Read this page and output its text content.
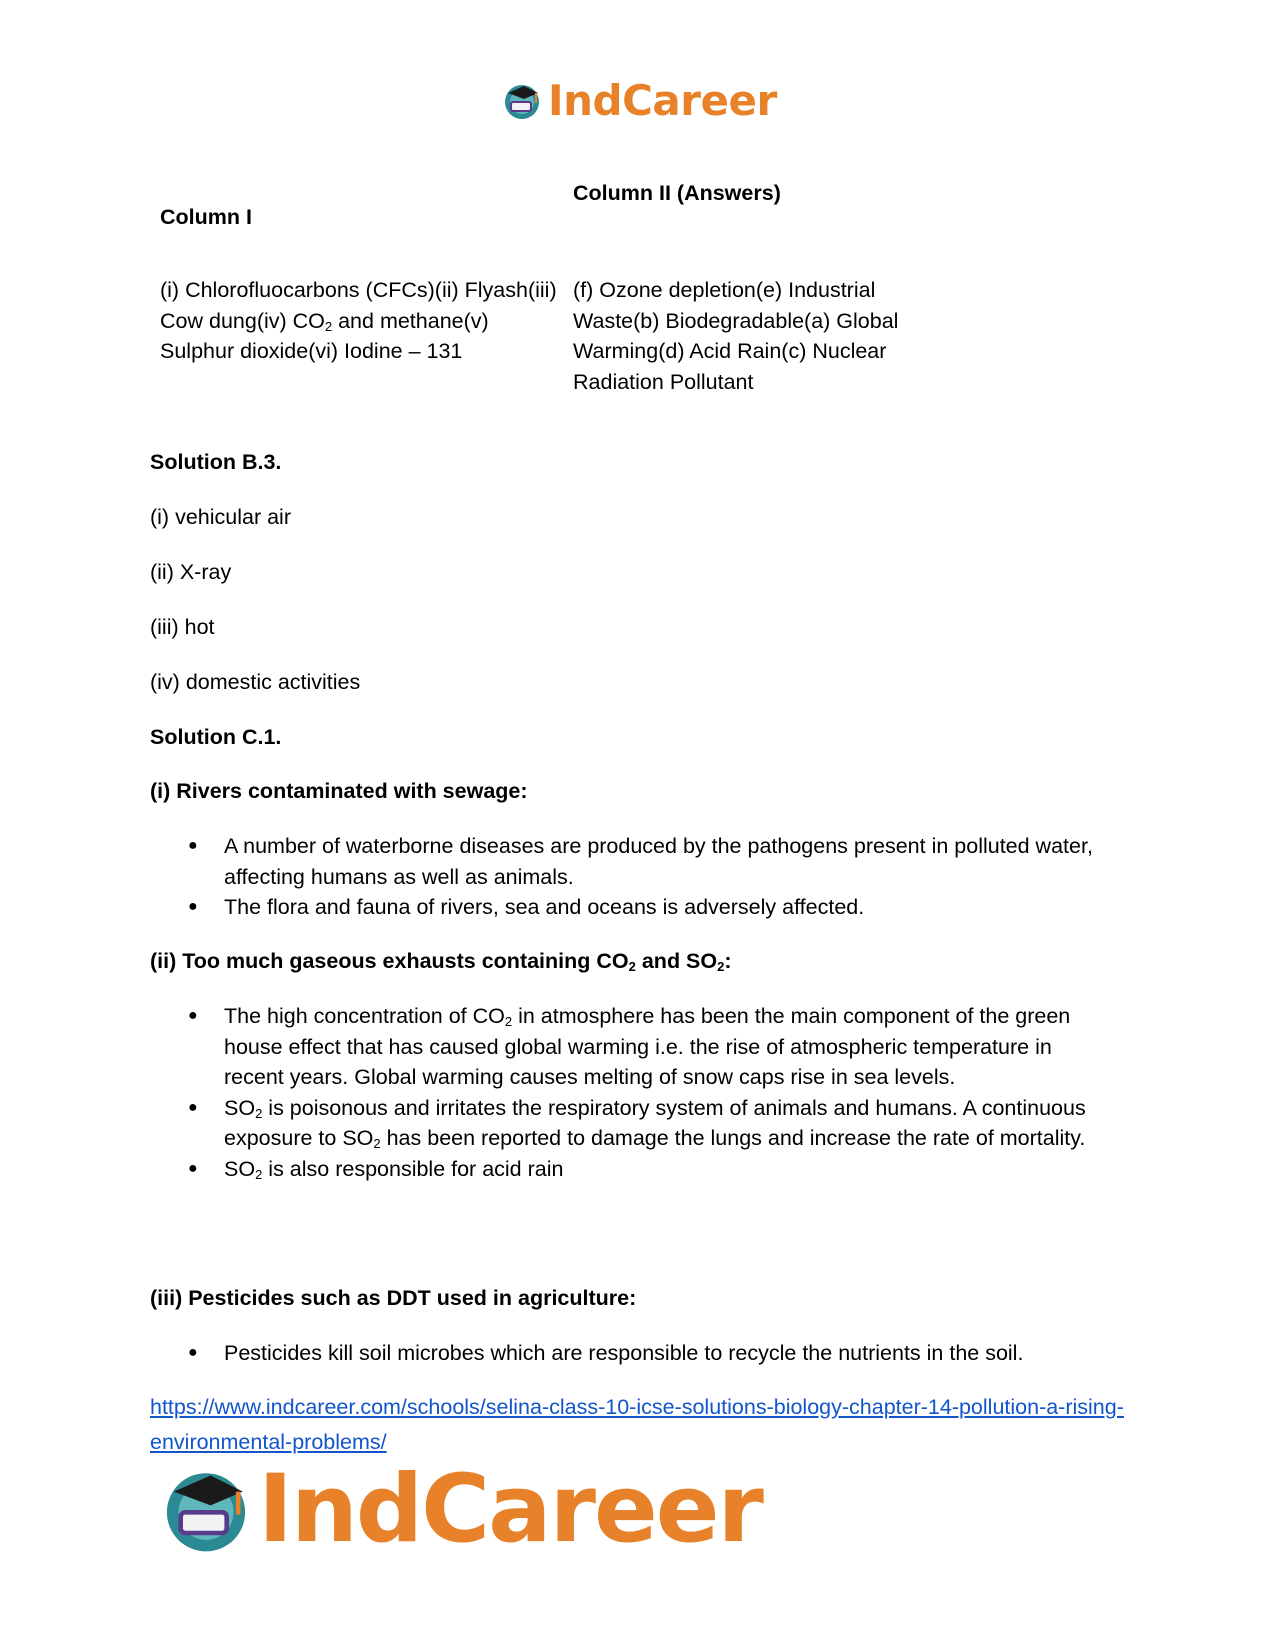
IndCareer
Column I
Column II (Answers)
(i) Chlorofluocarbons (CFCs)(ii) Flyash(iii) Cow dung(iv) $CO_2$ and methane(v) Sulphur dioxide(vi) Iodine – 131
(f) Ozone depletion(e) Industrial Waste(b) Biodegradable(a) Global Warming(d) Acid Rain(c) Nuclear Radiation Pollutant
Solution B.3.
(i) vehicular air
(ii) X-ray
(iii) hot
(iv) domestic activities
Solution C.1.
(i) Rivers contaminated with sewage:
● A number of waterborne diseases are produced by the pathogens present in polluted water, affecting humans as well as animals.
● The flora and fauna of rivers, sea and oceans is adversely affected.
(ii) Too much gaseous exhausts containing $CO_2$ and $SO_2$:
● The high concentration of $CO_2$ in atmosphere has been the main component of the green house effect that has caused global warming i.e. the rise of atmospheric temperature in recent years. Global warming causes melting of snow caps rise in sea levels.
● $SO_2$ is poisonous and irritates the respiratory system of animals and humans. A continuous exposure to $SO_2$ has been reported to damage the lungs and increase the rate of mortality.
● $SO_2$ is also responsible for acid rain
(iii) Pesticides such as DDT used in agriculture:
● Pesticides kill soil microbes which are responsible to recycle the nutrients in the soil.
https://www.indcareer.com/schools/selina-class-10-icse-solutions-biology-chapter-14-pollution-a-rising-environmental-problems/
IndCareer
